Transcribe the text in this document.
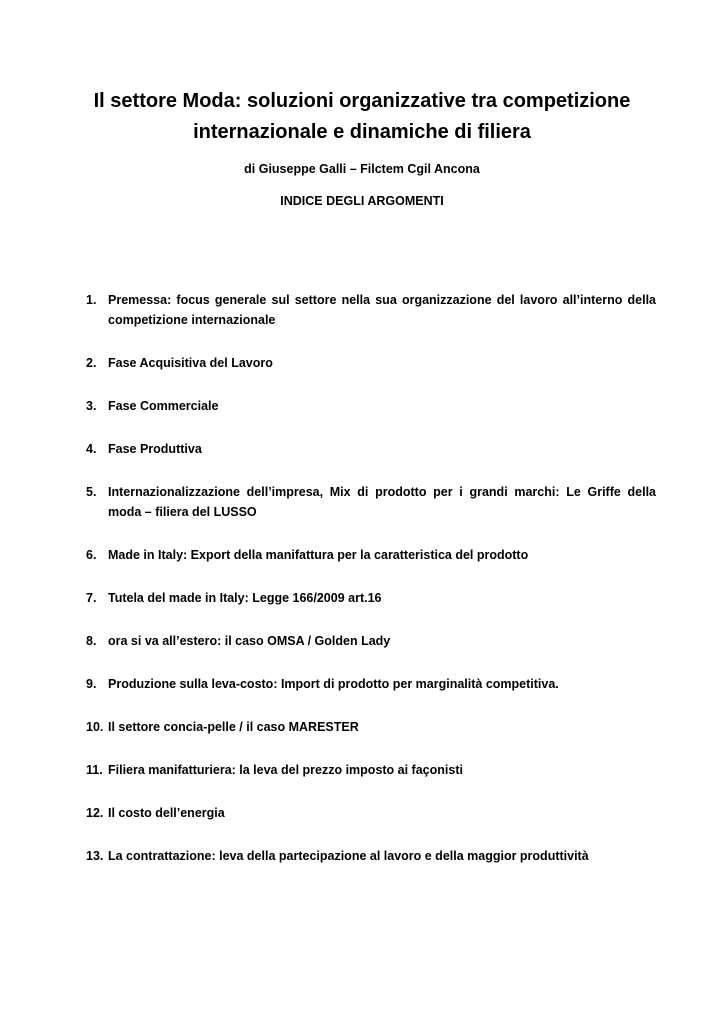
Il settore Moda: soluzioni organizzative tra competizione internazionale e dinamiche di filiera
di Giuseppe Galli – Filctem Cgil Ancona
INDICE DEGLI ARGOMENTI
1. Premessa: focus generale sul settore nella sua organizzazione del lavoro all’interno della competizione internazionale
2. Fase Acquisitiva del Lavoro
3. Fase Commerciale
4. Fase Produttiva
5. Internazionalizzazione dell’impresa, Mix di prodotto per i grandi marchi: Le Griffe della moda – filiera del LUSSO
6. Made in Italy: Export della manifattura per la caratteristica del prodotto
7. Tutela del made in Italy: Legge 166/2009 art.16
8. ora si va all’estero: il caso OMSA / Golden Lady
9. Produzione sulla leva-costo: Import di prodotto per marginalità competitiva.
10. Il settore concia-pelle / il caso MARESTER
11. Filiera manifatturiera: la leva del prezzo imposto ai façonisti
12. Il costo dell’energia
13. La contrattazione: leva della partecipazione al lavoro e della maggior produttività
